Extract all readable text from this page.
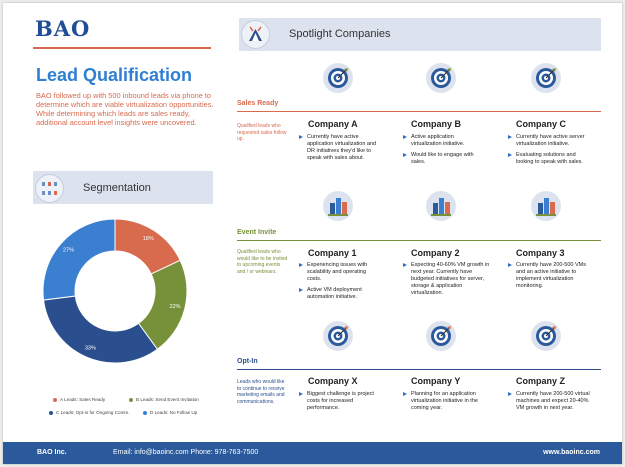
BAO
Lead Qualification
BAO followed up with 500 inbound leads via phone to determine which are viable virtualization opportunities. While determining which leads are sales ready, additional account level insights were uncovered.
Segmentation
18%
22%
33%
27%
A Leads: Sales Ready	B Leads: Send Event Invitation
C Leads: Opt-in for Ongoing Comm.	D Leads: No Follow Up
Spotlight Companies
Sales Ready
Qualified leads who requested sales follow up.
Event Invite
Qualified leads who would like to be invited to upcoming events and / or webinars.
Opt-In
Leads who would like to continue to receive marketing emails and communications.
Company A
Currently have active application virtualization and DR initiatives they'd like to speak with sales about.
Company B
Active application virtualization initiative.
Would like to engage with sales.
Company C
Currently have active server virtualization initiative.
Evaluating solutions and looking to speak with sales.
Company 1
Experiencing issues with scalability and operating costs.
Active VM deployment automation initiative.
Company 2
Expecting 40-60% VM growth in next year. Currently have budgeted initiatives for server, storage & application virtualization.
Company 3
Currently have 200-500 VMs and an active initiative to implement virtualization monitoring.
Company X
Biggest challenge is project costs for increased performance.
Company Y
Planning for an application virtualization initiative in the coming year.
Company Z
Currently have 200-500 virtual machines and expect 20-40% VM growth in next year.
BAO Inc.	Email: info@baoinc.com Phone: 978-763-7500	www.baoinc.com
